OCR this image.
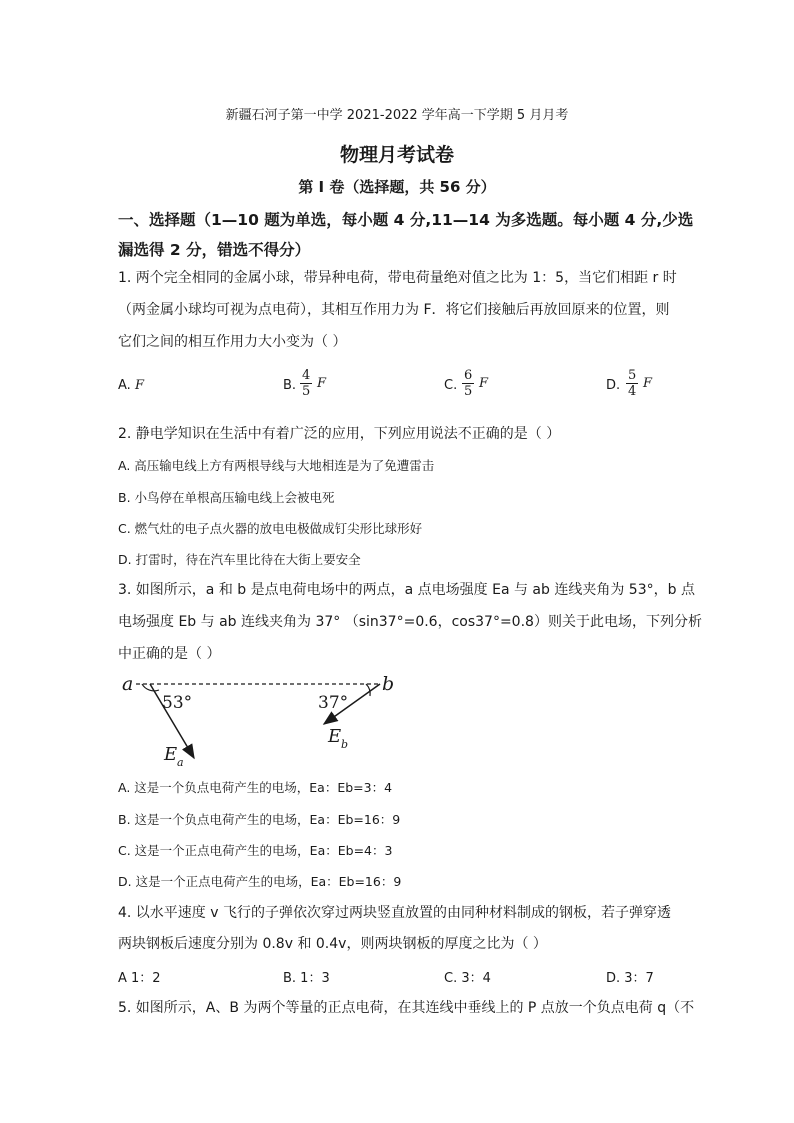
新疆石河子第一中学 2021-2022 学年高一下学期 5 月月考
物理月考试卷
第 I 卷（选择题，共 56 分）
一、选择题（1—10 题为单选，每小题 4 分,11—14 为多选题。每小题 4 分,少选
漏选得 2 分，错选不得分）
1. 两个完全相同的金属小球，带异种电荷，带电荷量绝对值之比为 1：5，当它们相距 r 时
（两金属小球均可视为点电荷），其相互作用力为 F．将它们接触后再放回原来的位置，则
它们之间的相互作用力大小变为（ ）
A. F	B. $\frac{4}{5}$ F	C. $\frac{6}{5}$ F	D. $\frac{5}{4}$ F
2. 静电学知识在生活中有着广泛的应用，下列应用说法不正确的是（ ）
A. 高压输电线上方有两根导线与大地相连是为了免遭雷击
B. 小鸟停在单根高压输电线上会被电死
C. 燃气灶的电子点火器的放电电极做成钉尖形比球形好
D. 打雷时，待在汽车里比待在大街上要安全
3. 如图所示，a 和 b 是点电荷电场中的两点，a 点电场强度 Ea 与 ab 连线夹角为 53°，b 点
电场强度 Eb 与 ab 连线夹角为 37° （sin37°=0.6，cos37°=0.8）则关于此电场，下列分析
中正确的是（ ）
a	b
53°	37°
E a
E b
A. 这是一个负点电荷产生的电场，Ea：Eb=3：4
B. 这是一个负点电荷产生的电场，Ea：Eb=16：9
C. 这是一个正点电荷产生的电场，Ea：Eb=4：3
D. 这是一个正点电荷产生的电场，Ea：Eb=16：9
4. 以水平速度 v 飞行的子弹依次穿过两块竖直放置的由同种材料制成的钢板，若子弹穿透
两块钢板后速度分别为 0.8v 和 0.4v，则两块钢板的厚度之比为（ ）
A 1：2	B. 1：3	C. 3：4	D. 3：7
5. 如图所示，A、B 为两个等量的正点电荷，在其连线中垂线上的 P 点放一个负点电荷 q（不
